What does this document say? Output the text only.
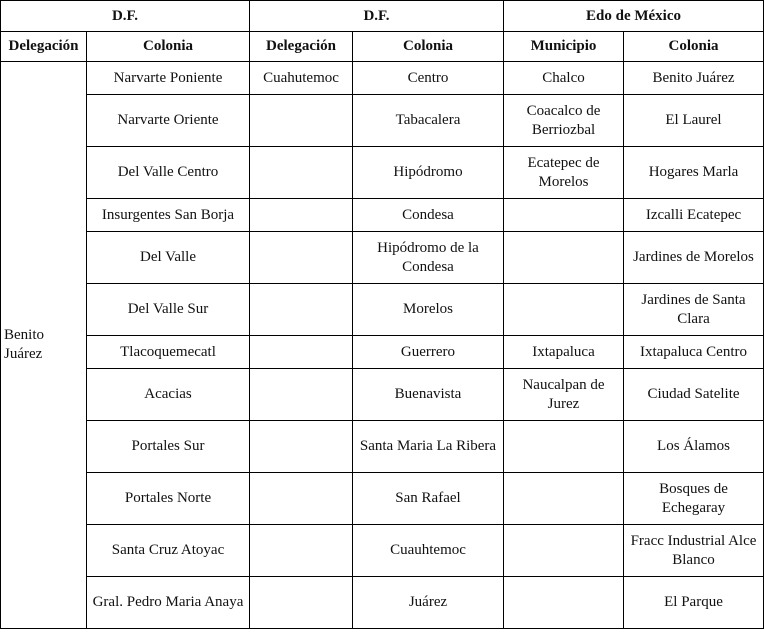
D.F.		D.F.		Edo de México	
Delegación	Colonia	Delegación	Colonia	Municipio	Colonia
Benito Juárez	Narvarte Poniente	Cuahutemoc	Centro	Chalco	Benito Juárez
	Narvarte Oriente		Tabacalera	Coacalco de Berriozbal	El Laurel
	Del Valle Centro		Hipódromo	Ecatepec de Morelos	Hogares Marla
	Insurgentes San Borja		Condesa		Izcalli Ecatepec
	Del Valle		Hipódromo de la Condesa		Jardines de Morelos
	Del Valle Sur		Morelos		Jardines de Santa Clara
	Tlacoquemecatl		Guerrero	Ixtapaluca	Ixtapaluca Centro
	Acacias		Buenavista	Naucalpan de Jurez	Ciudad Satelite
	Portales Sur		Santa Maria La Ribera		Los Álamos
	Portales Norte		San Rafael		Bosques de Echegaray
	Santa Cruz Atoyac		Cuauhtemoc		Fracc Industrial Alce Blanco
	Gral. Pedro Maria Anaya		Juárez		El Parque
